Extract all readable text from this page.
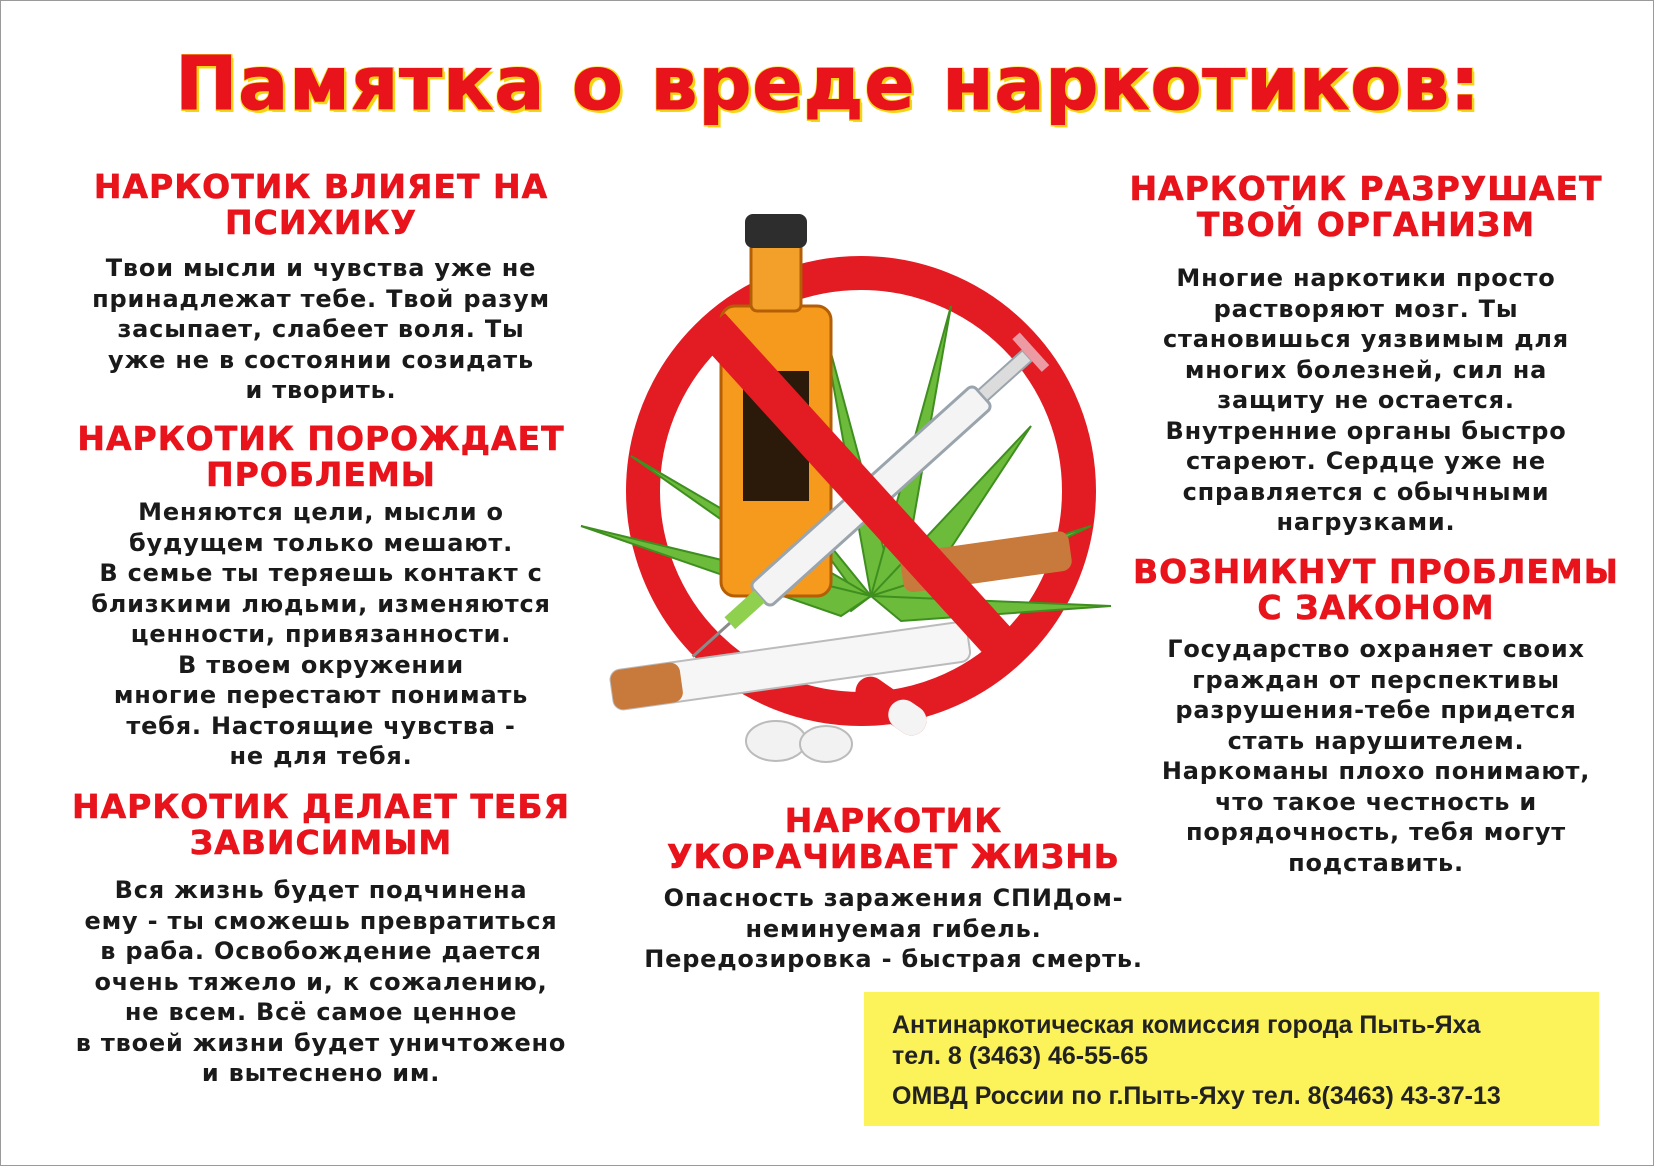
Памятка о вреде наркотиков:
НАРКОТИК ВЛИЯЕТ НА
ПСИХИКУ
Твои мысли и чувства уже не
принадлежат тебе. Твой разум
засыпает, слабеет воля. Ты
уже не в состоянии созидать
и творить.
НАРКОТИК ПОРОЖДАЕТ
ПРОБЛЕМЫ
Меняются цели, мысли о
будущем только мешают.
В семье ты теряешь контакт с
близкими людьми, изменяются
ценности, привязанности.
В твоем окружении
многие перестают понимать
тебя. Настоящие чувства -
не для тебя.
НАРКОТИК ДЕЛАЕТ ТЕБЯ
ЗАВИСИМЫМ
Вся жизнь будет подчинена
ему - ты сможешь превратиться
в раба. Освобождение дается
очень тяжело и, к сожалению,
не всем. Всё самое ценное
в твоей жизни будет уничтожено
и вытеснено им.
НАРКОТИК РАЗРУШАЕТ
ТВОЙ ОРГАНИЗМ
Многие наркотики просто
растворяют мозг. Ты
становишься уязвимым для
многих болезней, сил на
защиту не остается.
Внутренние органы быстро
стареют. Сердце уже не
справляется с обычными
нагрузками.
ВОЗНИКНУТ ПРОБЛЕМЫ
С ЗАКОНОМ
Государство охраняет своих
граждан от перспективы
разрушения-тебе придется
стать нарушителем.
Наркоманы плохо понимают,
что такое честность и
порядочность, тебя могут
подставить.
НАРКОТИК
УКОРАЧИВАЕТ ЖИЗНЬ
Опасность заражения СПИДом-
неминуемая гибель.
Передозировка - быстрая смерть.
Антинаркотическая комиссия города Пыть-Яха
тел. 8 (3463) 46-55-65
ОМВД России по г.Пыть-Яху тел. 8(3463) 43-37-13
